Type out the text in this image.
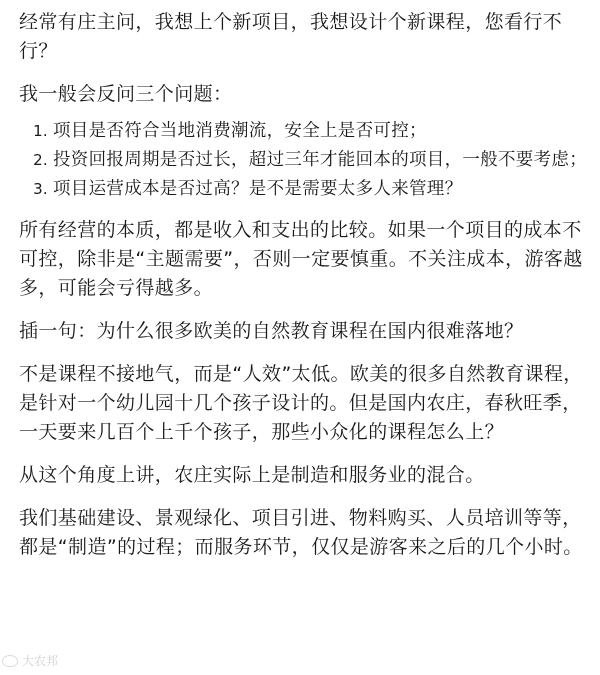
经常有庄主问，我想上个新项目，我想设计个新课程，您看行不行？

我一般会反问三个问题：

1. 项目是否符合当地消费潮流，安全上是否可控；
2. 投资回报周期是否过长，超过三年才能回本的项目，一般不要考虑；
3. 项目运营成本是否过高？是不是需要太多人来管理？

所有经营的本质，都是收入和支出的比较。如果一个项目的成本不可控，除非是“主题需要”，否则一定要慎重。不关注成本，游客越多，可能会亏得越多。

插一句：为什么很多欧美的自然教育课程在国内很难落地？

不是课程不接地气，而是“人效”太低。欧美的很多自然教育课程，是针对一个幼儿园十几个孩子设计的。但是国内农庄，春秋旺季，一天要来几百个上千个孩子，那些小众化的课程怎么上？

从这个角度上讲，农庄实际上是制造和服务业的混合。

我们基础建设、景观绿化、项目引进、物料购买、人员培训等等，都是“制造”的过程；而服务环节，仅仅是游客来之后的几个小时。

大农邦
